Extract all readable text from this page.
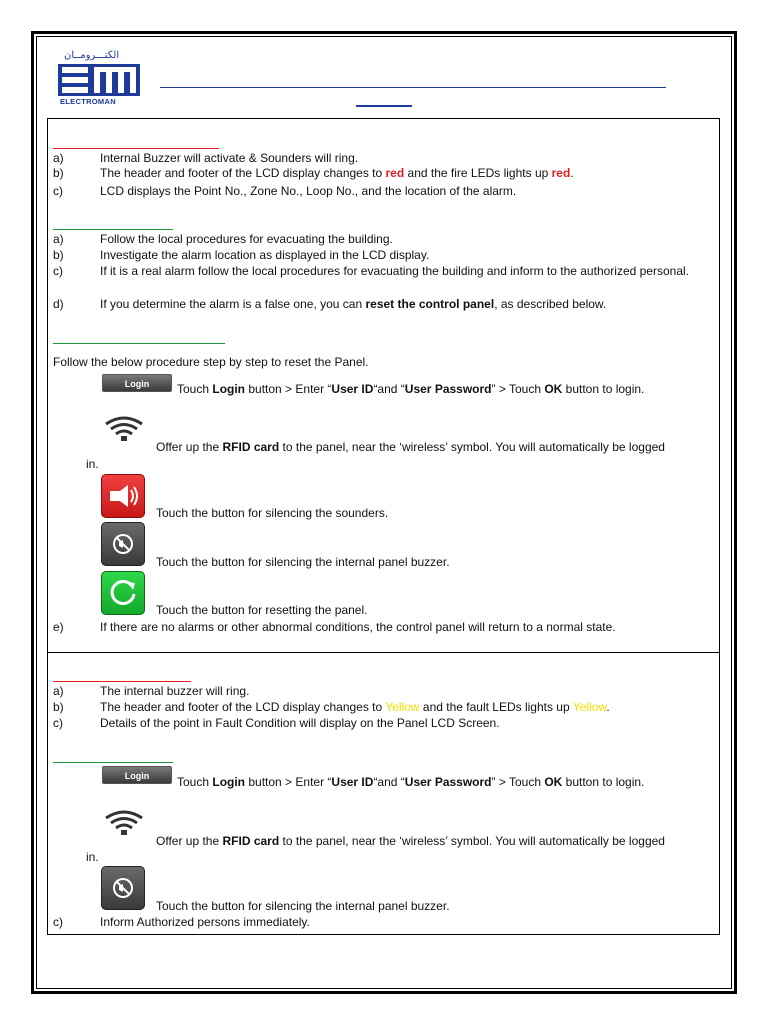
الكتـــرومــان
ELECTROMAN
a)	Internal Buzzer will activate & Sounders will ring.
b)	The header and footer of the LCD display changes to red and the fire LEDs lights up red.
c)	LCD displays the Point No., Zone No., Loop No., and the location of the alarm.
a)	Follow the local procedures for evacuating the building.
b)	Investigate the alarm location as displayed in the LCD display.
c)	If it is a real alarm follow the local procedures for evacuating the building and inform to the authorized personal.
d)	If you determine the alarm is a false one, you can reset the control panel, as described below.
Follow the below procedure step by step to reset the Panel.
Login	Touch Login button > Enter “User ID“and “User Password” > Touch OK button to login.
Offer up the RFID card to the panel, near the ‘wireless’ symbol. You will automatically be logged
in.
Touch the button for silencing the sounders.
Touch the button for silencing the internal panel buzzer.
Touch the button for resetting the panel.
e)	If there are no alarms or other abnormal conditions, the control panel will return to a normal state.
a)	The internal buzzer will ring.
b)	The header and footer of the LCD display changes to Yellow and the fault LEDs lights up Yellow.
c)	Details of the point in Fault Condition will display on the Panel LCD Screen.
Login	Touch Login button > Enter “User ID“and “User Password” > Touch OK button to login.
Offer up the RFID card to the panel, near the ‘wireless’ symbol. You will automatically be logged
in.
Touch the button for silencing the internal panel buzzer.
c)	Inform Authorized persons immediately.
